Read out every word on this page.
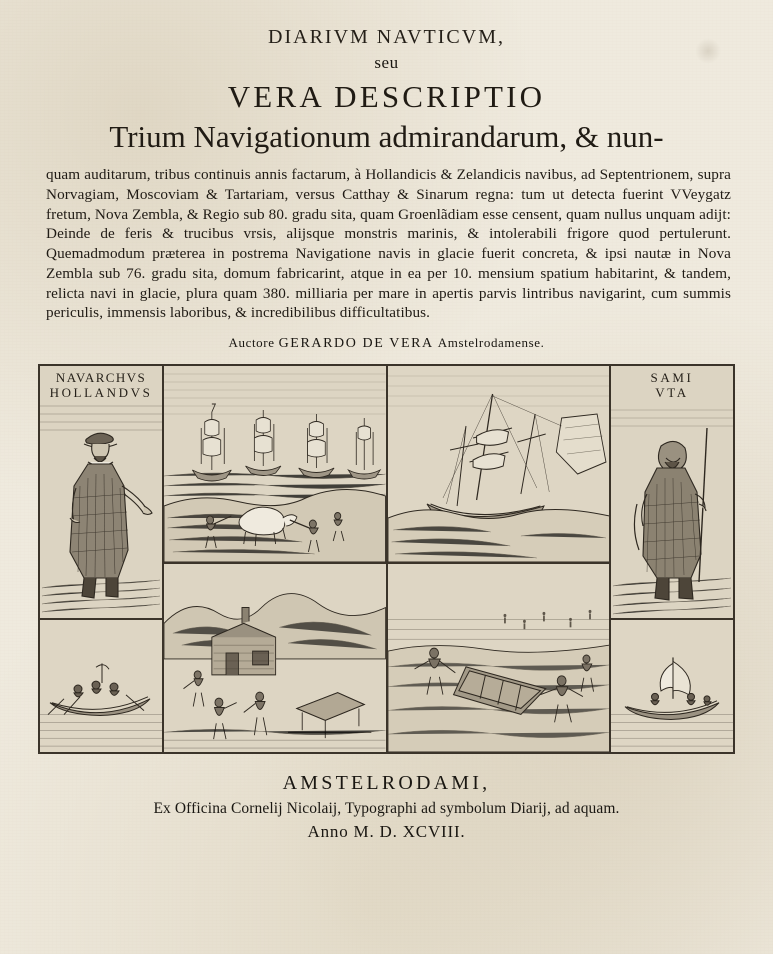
DIARIVM NAVTICVM,
seu
VERA DESCRIPTIO
Trium Navigationum admirandarum, & nun-

quam auditarum, tribus continuis annis factarum, à Hollandicis & Zelandicis navibus, ad Septentrionem, supra Norvagiam, Moscoviam & Tartariam, versus Catthay & Sinarum regna: tum ut detecta fuerint VVeygatz fretum, Nova Zembla, & Regio sub 80. gradu sita, quam Groenlãdiam esse censent, quam nullus unquam adijt: Deinde de feris & trucibus vrsis, alijsque monstris marinis, & intolerabili frigore quod pertulerunt. Quemadmodum præterea in postrema Navigatione navis in glacie fuerit concreta, & ipsi nautæ in Nova Zembla sub 76. gradu sita, domum fabricarint, atque in ea per 10. mensium spatium habitarint, & tandem, relicta navi in glacie, plura quam 380. milliaria per mare in apertis parvis lintribus navigarint, cum summis periculis, immensis laboribus, & incredibilibus difficultatibus.

Auctore GERARDO DE VERA Amstelrodamense.
NAVARCHVS
HOLLANDVS
SAMI
VTA
AMSTELRODAMI,
Ex Officina Cornelij Nicolaij, Typographi ad symbolum Diarij, ad aquam.
Anno M. D. XCVIII.
